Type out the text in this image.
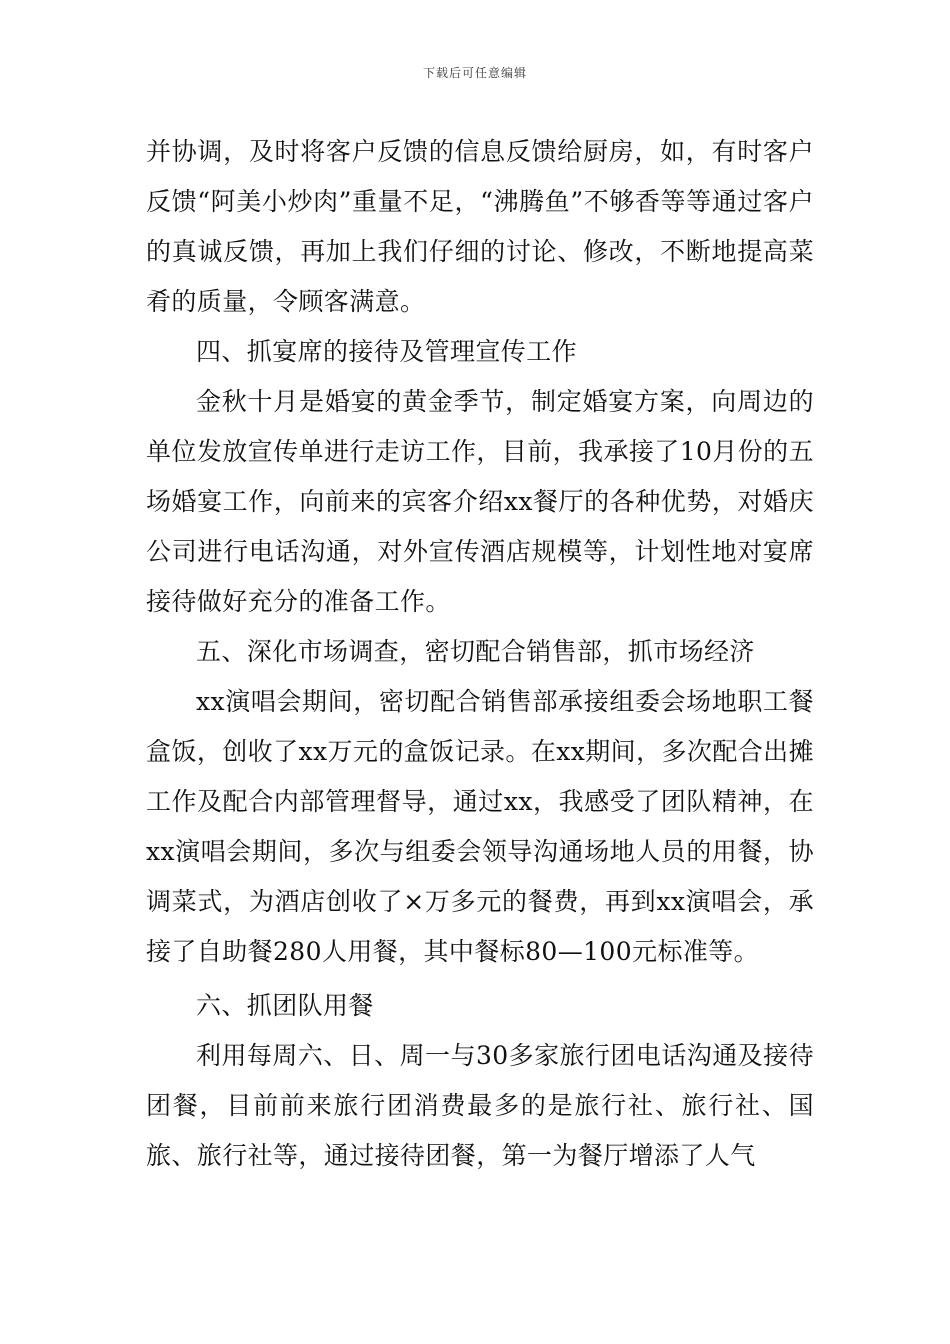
下载后可任意编辑

并协调，及时将客户反馈的信息反馈给厨房，如，有时客户反馈“阿美小炒肉”重量不足，“沸腾鱼”不够香等等通过客户的真诚反馈，再加上我们仔细的讨论、修改，不断地提高菜肴的质量，令顾客满意。

四、抓宴席的接待及管理宣传工作

金秋十月是婚宴的黄金季节，制定婚宴方案，向周边的单位发放宣传单进行走访工作，目前，我承接了10月份的五场婚宴工作，向前来的宾客介绍xx餐厅的各种优势，对婚庆公司进行电话沟通，对外宣传酒店规模等，计划性地对宴席接待做好充分的准备工作。

五、深化市场调查，密切配合销售部，抓市场经济

xx演唱会期间，密切配合销售部承接组委会场地职工餐盒饭，创收了xx万元的盒饭记录。在xx期间，多次配合出摊工作及配合内部管理督导，通过xx，我感受了团队精神，在xx演唱会期间，多次与组委会领导沟通场地人员的用餐，协调菜式，为酒店创收了×万多元的餐费，再到xx演唱会，承接了自助餐280人用餐，其中餐标80—100元标准等。

六、抓团队用餐

利用每周六、日、周一与30多家旅行团电话沟通及接待团餐，目前前来旅行团消费最多的是旅行社、旅行社、国旅、旅行社等，通过接待团餐，第一为餐厅增添了人气
